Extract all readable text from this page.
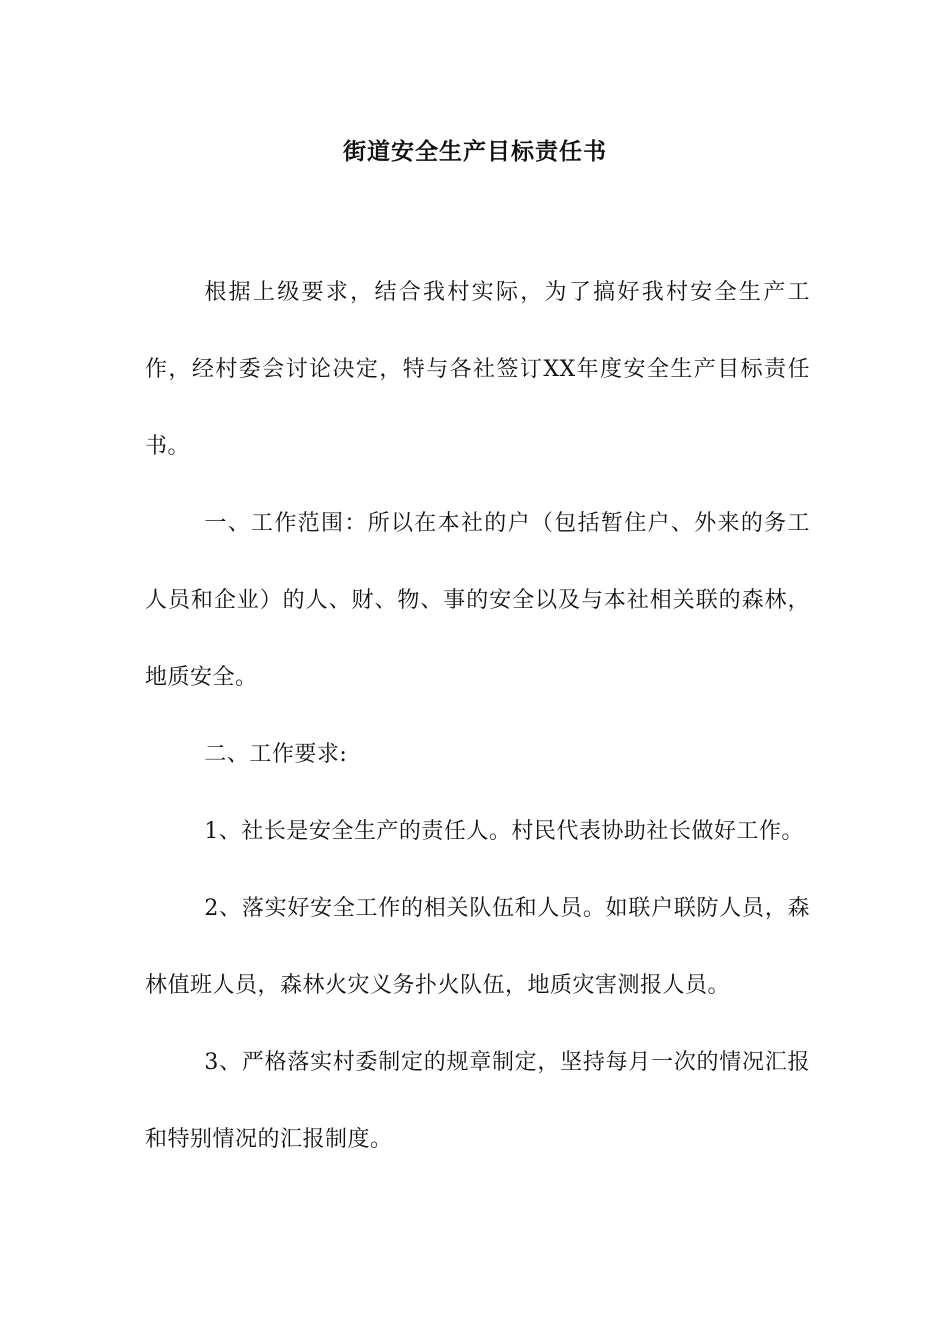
街道安全生产目标责任书

根据上级要求，结合我村实际，为了搞好我村安全生产工作，经村委会讨论决定，特与各社签订XX年度安全生产目标责任书。

一、工作范围：所以在本社的户（包括暂住户、外来的务工人员和企业）的人、财、物、事的安全以及与本社相关联的森林，地质安全。

二、工作要求:

1、社长是安全生产的责任人。村民代表协助社长做好工作。

2、落实好安全工作的相关队伍和人员。如联户联防人员，森林值班人员，森林火灾义务扑火队伍，地质灾害测报人员。

3、严格落实村委制定的规章制定，坚持每月一次的情况汇报和特别情况的汇报制度。
